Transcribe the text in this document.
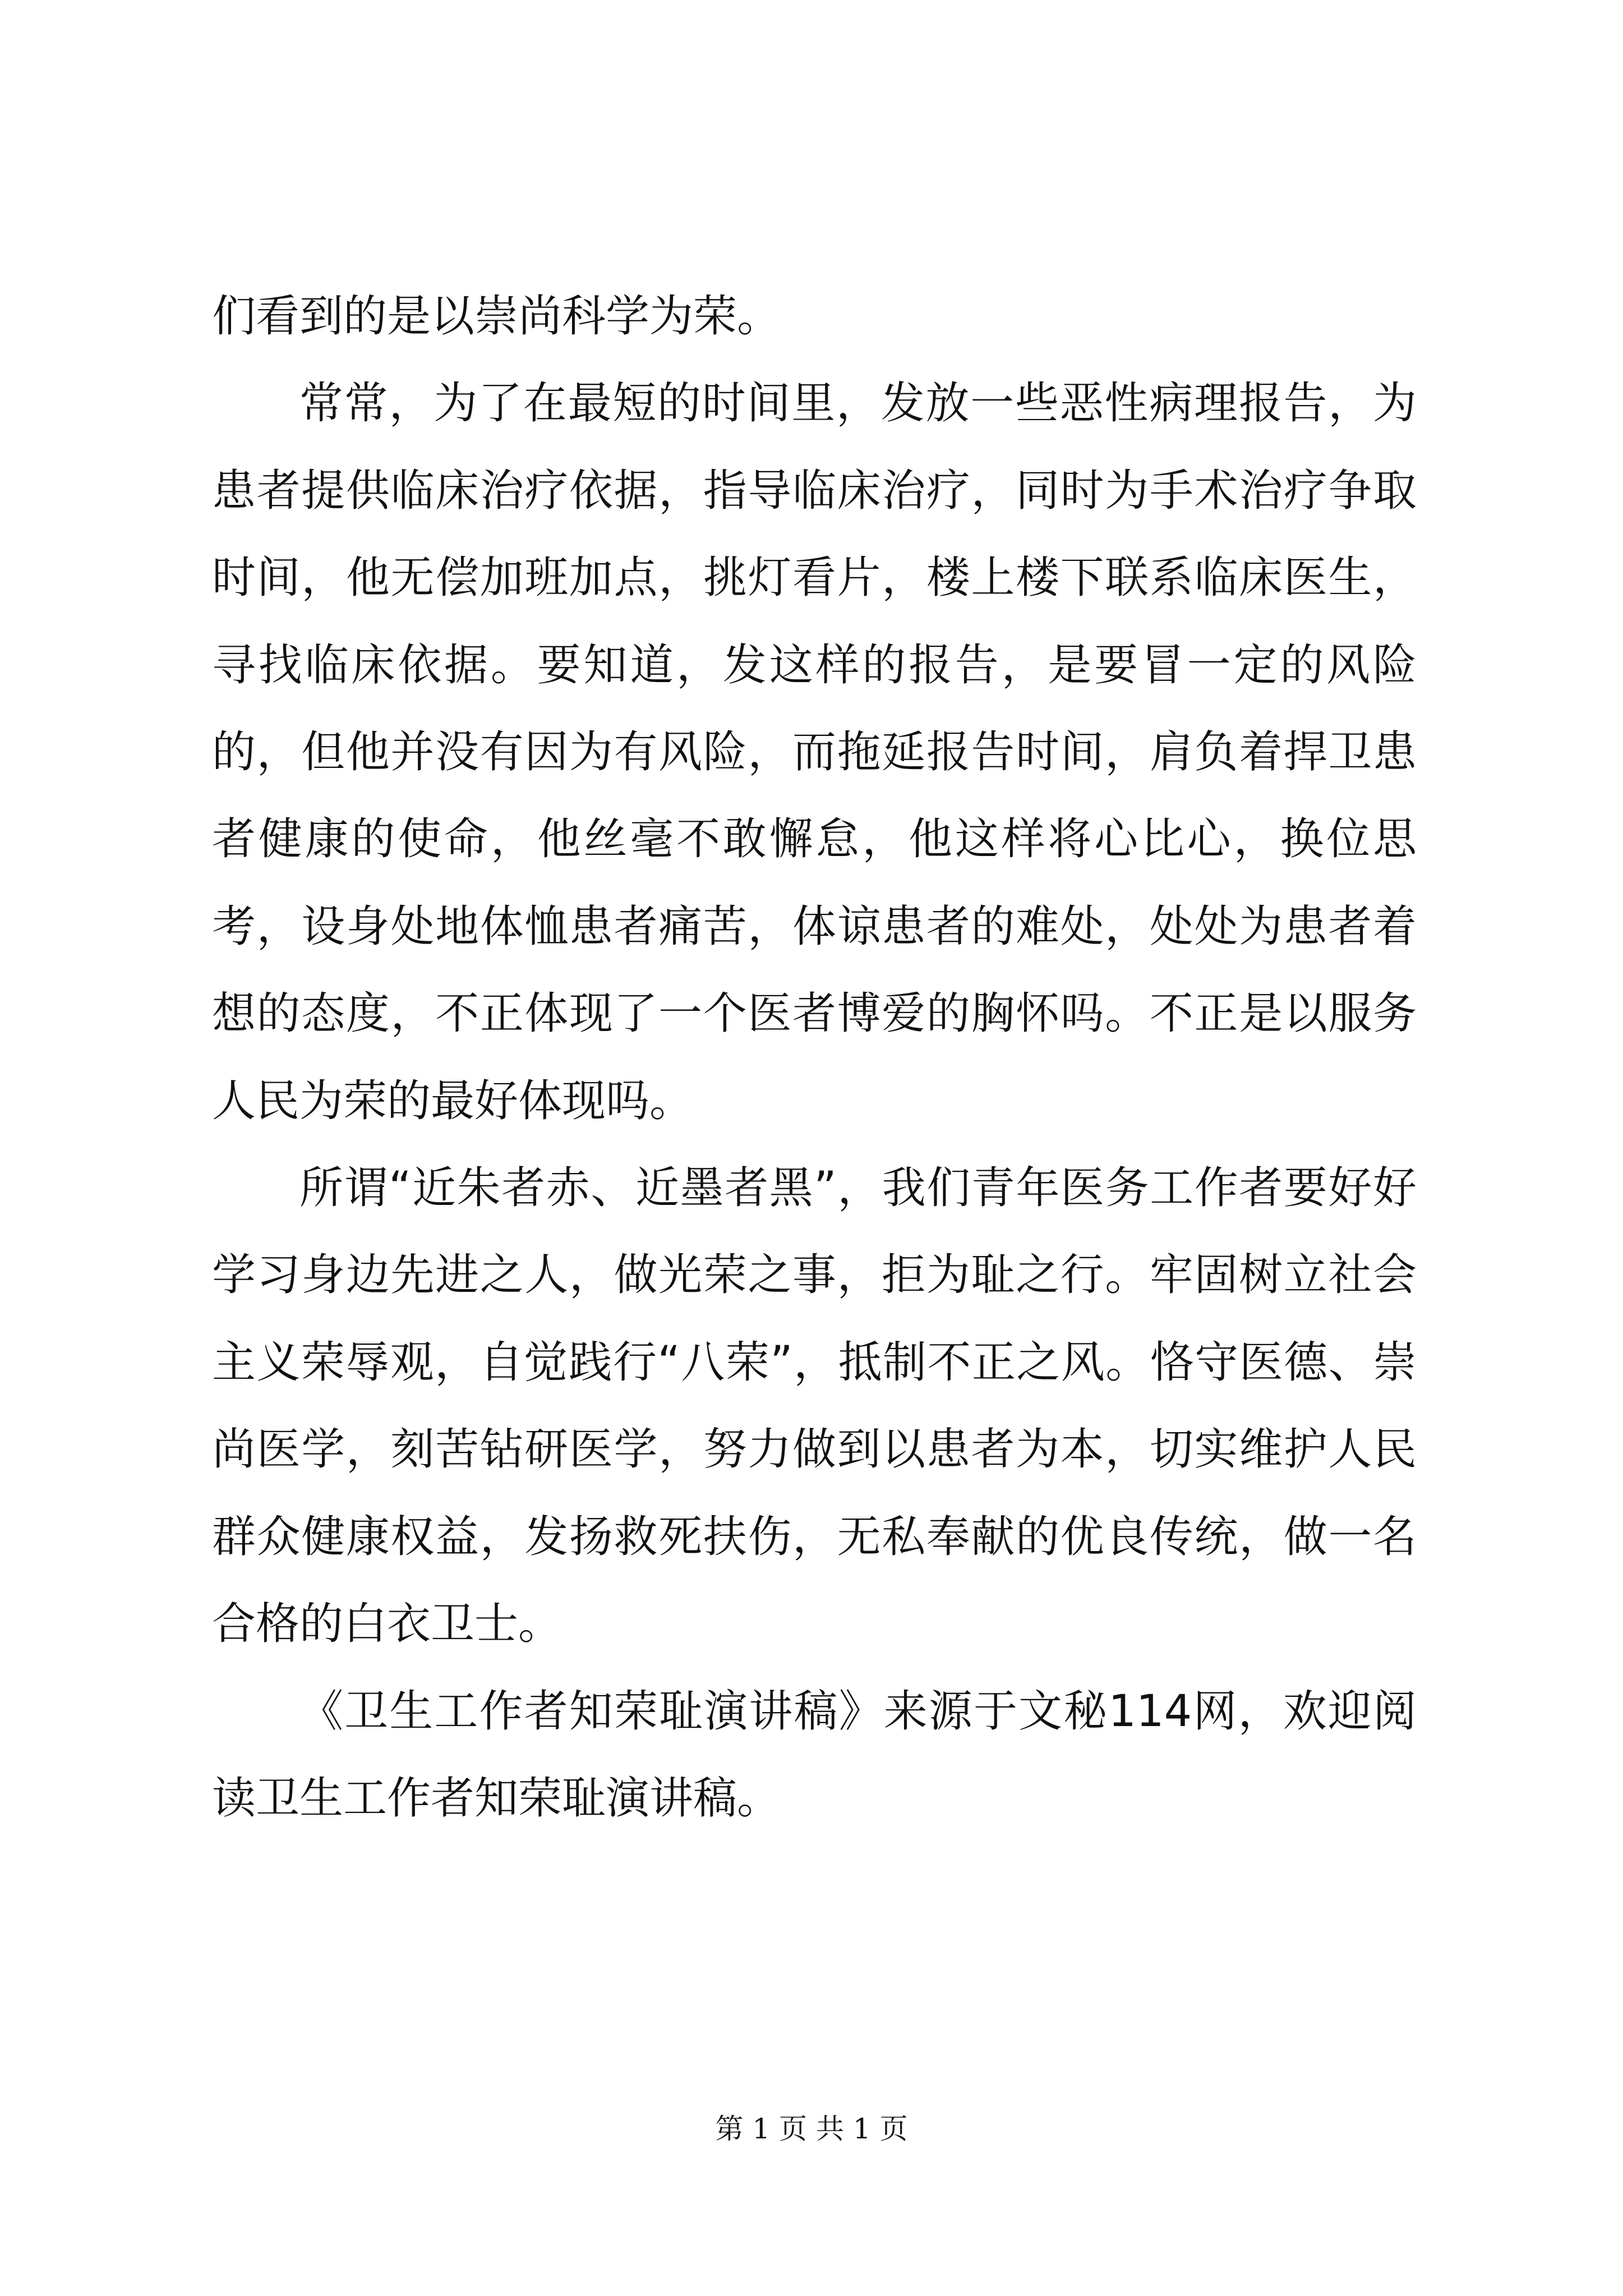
们看到的是以崇尚科学为荣。

常常，为了在最短的时间里，发放一些恶性病理报告，为患者提供临床治疗依据，指导临床治疗，同时为手术治疗争取时间，他无偿加班加点，挑灯看片，楼上楼下联系临床医生，寻找临床依据。要知道，发这样的报告，是要冒一定的风险的，但他并没有因为有风险，而拖延报告时间，肩负着捍卫患者健康的使命，他丝毫不敢懈怠，他这样将心比心，换位思考，设身处地体恤患者痛苦，体谅患者的难处，处处为患者着想的态度，不正体现了一个医者博爱的胸怀吗。不正是以服务人民为荣的最好体现吗。

所谓“近朱者赤、近墨者黑”，我们青年医务工作者要好好学习身边先进之人，做光荣之事，拒为耻之行。牢固树立社会主义荣辱观，自觉践行“八荣”，抵制不正之风。恪守医德、崇尚医学，刻苦钻研医学，努力做到以患者为本，切实维护人民群众健康权益，发扬救死扶伤，无私奉献的优良传统，做一名合格的白衣卫士。

《卫生工作者知荣耻演讲稿》来源于文秘114网，欢迎阅读卫生工作者知荣耻演讲稿。

第 1 页 共 1 页
